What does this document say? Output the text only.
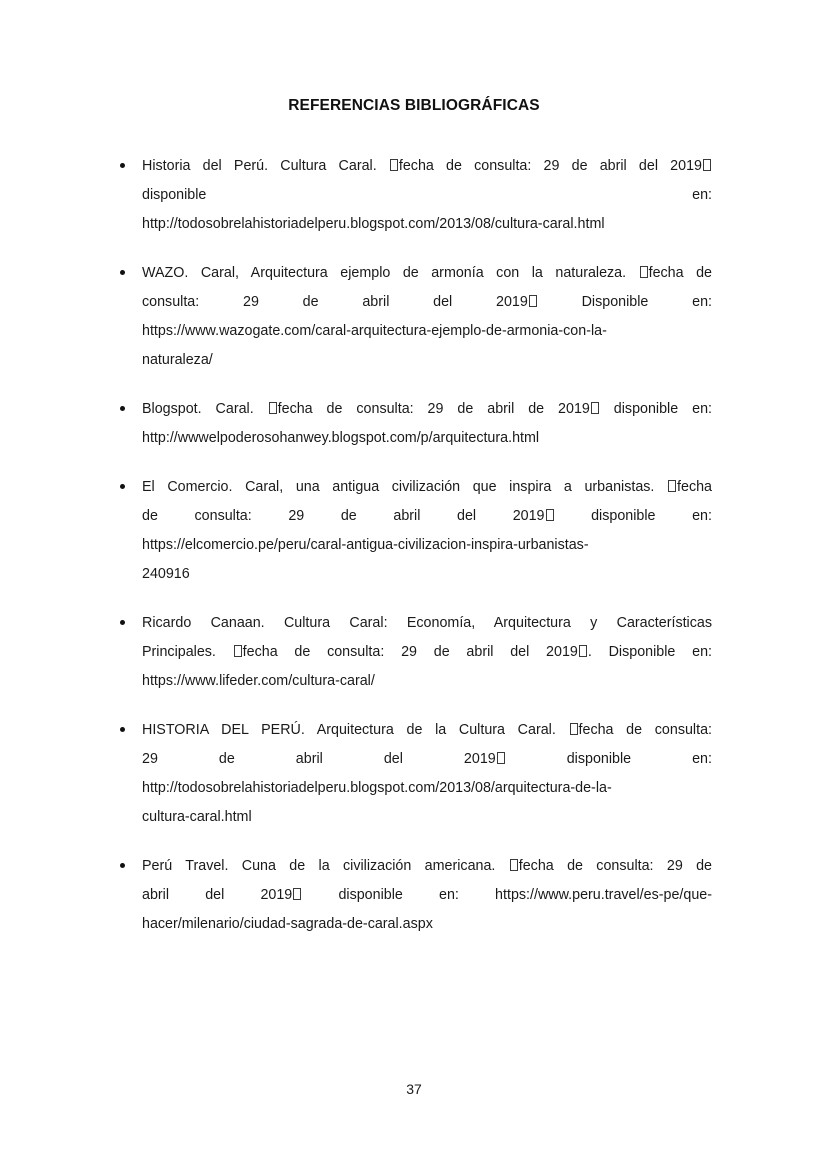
REFERENCIAS BIBLIOGRÁFICAS
Historia del Perú. Cultura Caral. fecha de consulta: 29 de abril del 2019
disponible en:
http://todosobrelahistoriadelperu.blogspot.com/2013/08/cultura-caral.html
WAZO. Caral, Arquitectura ejemplo de armonía con la naturaleza. fecha de
consulta: 29 de abril del 2019 Disponible en:
https://www.wazogate.com/caral-arquitectura-ejemplo-de-armonia-con-la-
naturaleza/
Blogspot. Caral. fecha de consulta: 29 de abril de 2019 disponible en:
http://wwwelpoderosohanwey.blogspot.com/p/arquitectura.html
El Comercio. Caral, una antigua civilización que inspira a urbanistas. fecha
de consulta: 29 de abril del 2019 disponible en:
https://elcomercio.pe/peru/caral-antigua-civilizacion-inspira-urbanistas-
240916
Ricardo Canaan. Cultura Caral: Economía, Arquitectura y Características
Principales. fecha de consulta: 29 de abril del 2019 . Disponible en:
https://www.lifeder.com/cultura-caral/
HISTORIA DEL PERÚ. Arquitectura de la Cultura Caral. fecha de consulta:
29 de abril del 2019 disponible en:
http://todosobrelahistoriadelperu.blogspot.com/2013/08/arquitectura-de-la-
cultura-caral.html
Perú Travel. Cuna de la civilización americana. fecha de consulta: 29 de
abril del 2019 disponible en: https://www.peru.travel/es-pe/que-
hacer/milenario/ciudad-sagrada-de-caral.aspx
37
